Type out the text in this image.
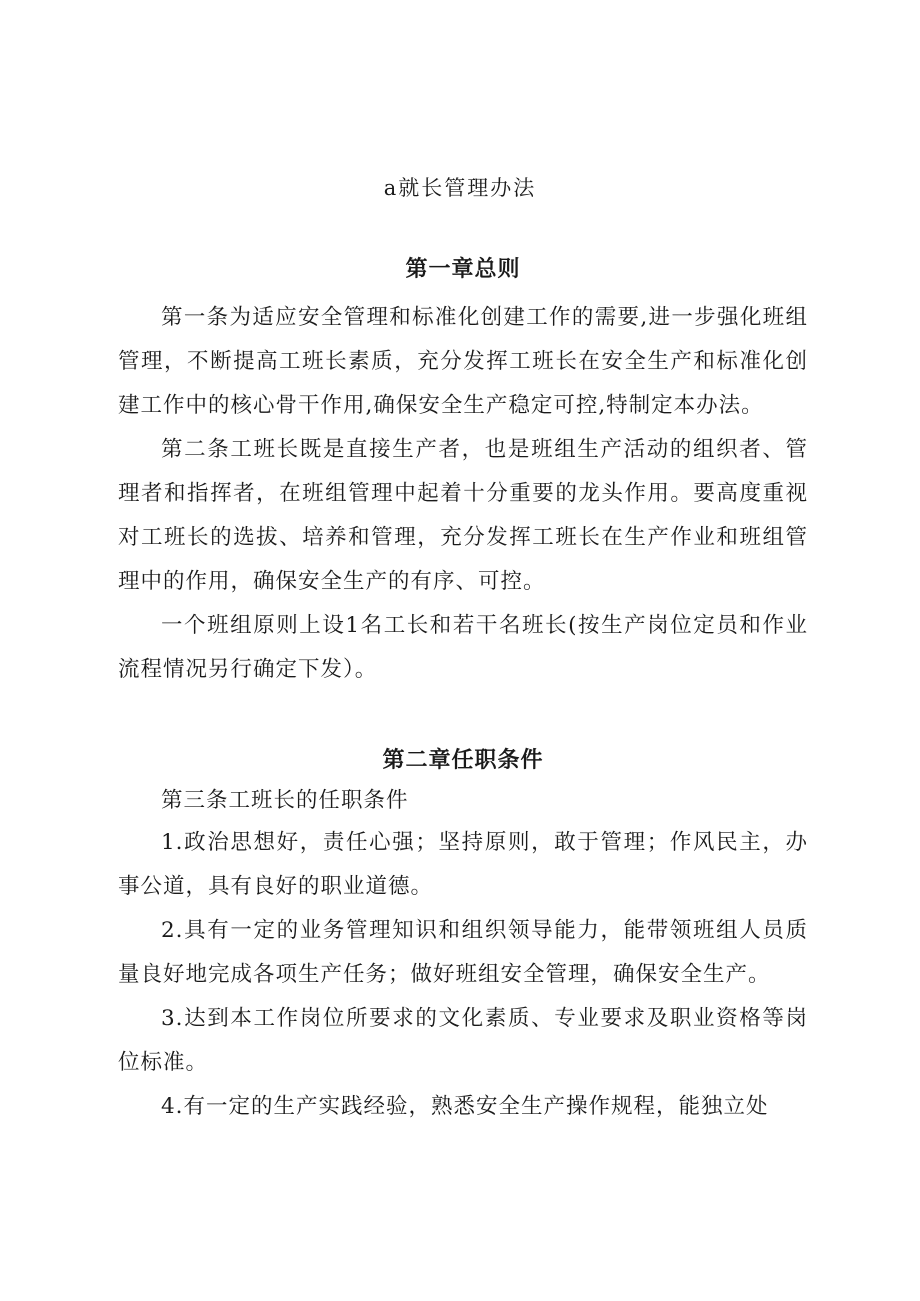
a就长管理办法
第一章总则

第一条为适应安全管理和标准化创建工作的需要,进一步强化班组管理，不断提高工班长素质，充分发挥工班长在安全生产和标准化创建工作中的核心骨干作用,确保安全生产稳定可控,特制定本办法。

第二条工班长既是直接生产者，也是班组生产活动的组织者、管理者和指挥者，在班组管理中起着十分重要的龙头作用。要高度重视对工班长的选拔、培养和管理，充分发挥工班长在生产作业和班组管理中的作用，确保安全生产的有序、可控。

一个班组原则上设1名工长和若干名班长(按生产岗位定员和作业流程情况另行确定下发）。

第二章任职条件

第三条工班长的任职条件

1.政治思想好，责任心强；坚持原则，敢于管理；作风民主，办事公道，具有良好的职业道德。

2.具有一定的业务管理知识和组织领导能力，能带领班组人员质量良好地完成各项生产任务；做好班组安全管理，确保安全生产。

3.达到本工作岗位所要求的文化素质、专业要求及职业资格等岗位标准。

4.有一定的生产实践经验，熟悉安全生产操作规程，能独立处
